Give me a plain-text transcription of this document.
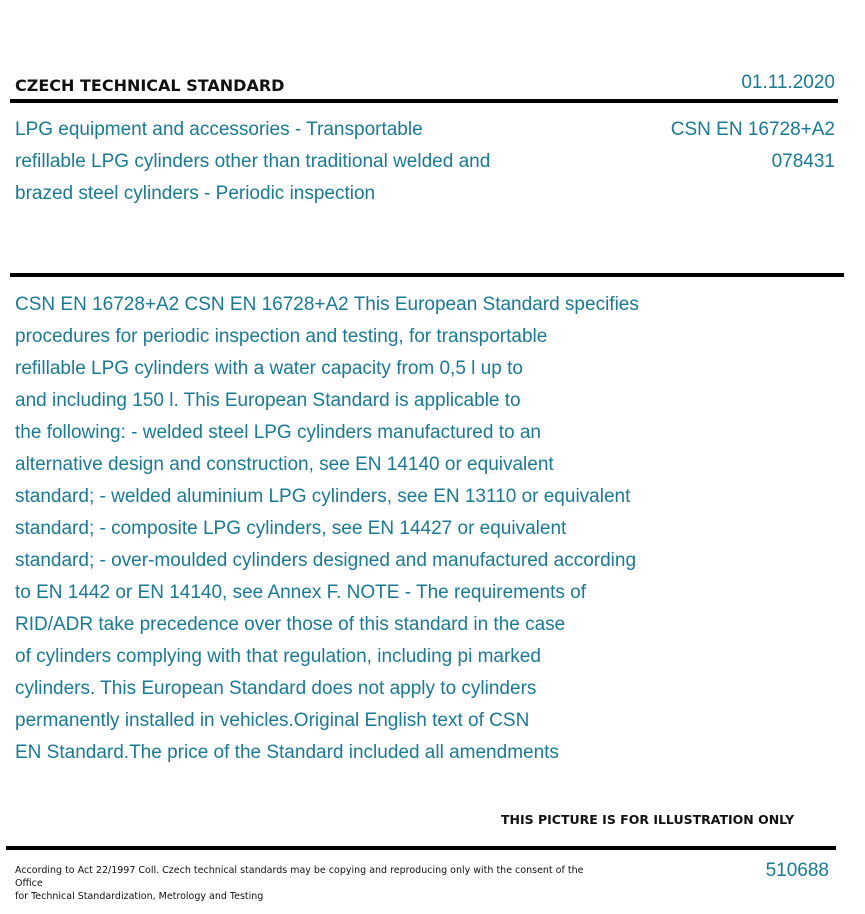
CZECH TECHNICAL STANDARD	01.11.2020
LPG equipment and accessories - Transportable refillable LPG cylinders other than traditional welded and brazed steel cylinders - Periodic inspection
CSN EN 16728+A2
078431
CSN EN 16728+A2 CSN EN 16728+A2 This European Standard specifies
procedures for periodic inspection and testing, for transportable
refillable LPG cylinders with a water capacity from 0,5 l up to
and including 150 l. This European Standard is applicable to
the following: - welded steel LPG cylinders manufactured to an
alternative design and construction, see EN 14140 or equivalent
standard; - welded aluminium LPG cylinders, see EN 13110 or equivalent
standard; - composite LPG cylinders, see EN 14427 or equivalent
standard; - over-moulded cylinders designed and manufactured according
to EN 1442 or EN 14140, see Annex F. NOTE - The requirements of
RID/ADR take precedence over those of this standard in the case
of cylinders complying with that regulation, including pi marked
cylinders. This European Standard does not apply to cylinders
permanently installed in vehicles.Original English text of CSN
EN Standard.The price of the Standard included all amendments
THIS PICTURE IS FOR ILLUSTRATION ONLY
According to Act 22/1997 Coll. Czech technical standards may be copying and reproducing only with the consent of the Office
for Technical Standardization, Metrology and Testing
510688
